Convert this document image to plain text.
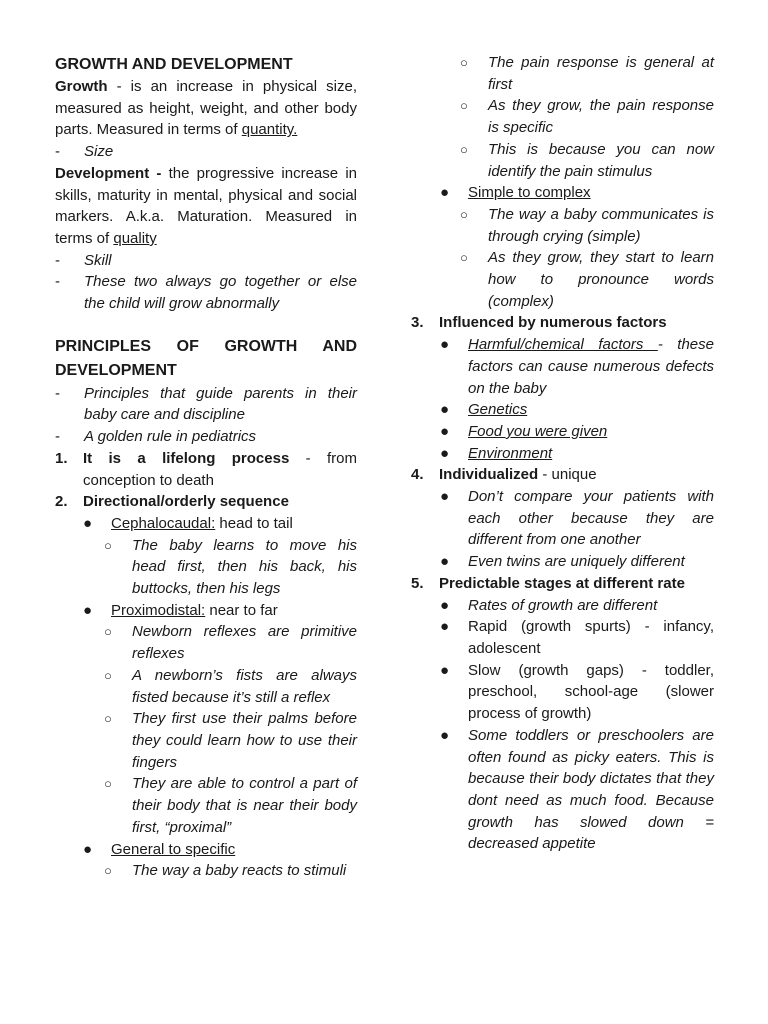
GROWTH AND DEVELOPMENT
Growth - is an increase in physical size, measured as height, weight, and other body parts. Measured in terms of quantity.
-	Size
Development - the progressive increase in skills, maturity in mental, physical and social markers. A.k.a. Maturation. Measured in terms of quality
-	Skill
-	These two always go together or else the child will grow abnormally
PRINCIPLES OF GROWTH AND DEVELOPMENT
-	Principles that guide parents in their baby care and discipline
-	A golden rule in pediatrics
1.	It is a lifelong process - from conception to death
2.	Directional/orderly sequence
●	Cephalocaudal: head to tail
○	The baby learns to move his head first, then his back, his buttocks, then his legs
●	Proximodistal: near to far
○	Newborn reflexes are primitive reflexes
○	A newborn’s fists are always fisted because it’s still a reflex
○	They first use their palms before they could learn how to use their fingers
○	They are able to control a part of their body that is near their body first, “proximal”
●	General to specific
○	The way a baby reacts to stimuli
○	The pain response is general at first
○	As they grow, the pain response is specific
○	This is because you can now identify the pain stimulus
●	Simple to complex
○	The way a baby communicates is through crying (simple)
○	As they grow, they start to learn how to pronounce words (complex)
3.	Influenced by numerous factors
●	Harmful/chemical factors - these factors can cause numerous defects on the baby
●	Genetics
●	Food you were given
●	Environment
4.	Individualized - unique
●	Don’t compare your patients with each other because they are different from one another
●	Even twins are uniquely different
5.	Predictable stages at different rate
●	Rates of growth are different
●	Rapid (growth spurts) - infancy, adolescent
●	Slow (growth gaps) - toddler, preschool, school-age (slower process of growth)
●	Some toddlers or preschoolers are often found as picky eaters. This is because their body dictates that they dont need as much food. Because growth has slowed down = decreased appetite
